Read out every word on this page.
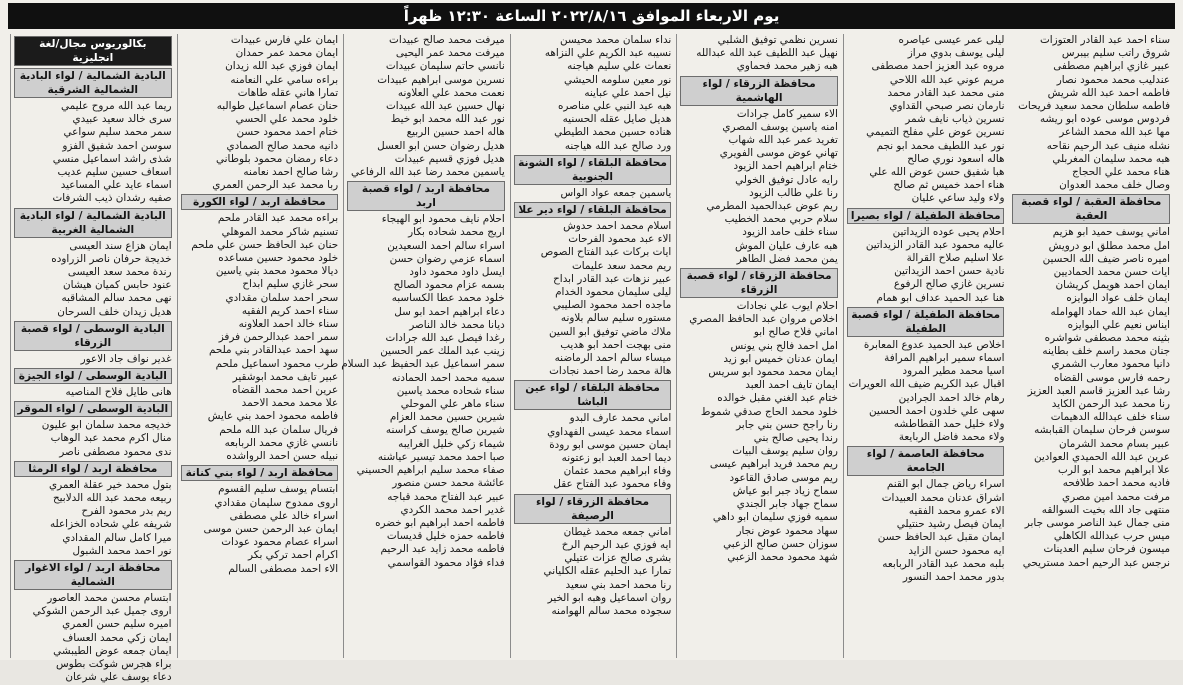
يوم الاربعاء الموافق ٢٠٢٢/٨/١٦ الساعة ١٢:٣٠ ظهراً
بكالوريوس مجال/لغة انجليزية
البادية الشمالية / لواء البادية الشمالية الشرقية
ريما عبد الله مروح عليمي
سرى خالد سعيد عبيدي
سمر محمد سليم سواعي
سوسن احمد شفيق الفزو
شذى راشد اسماعيل منسي
اسعاف حسين سليم عديب
اسماء عايد علي المساعيد
صفيه رشدان ذيب الشرفات
البادية الشمالية / لواء البادية الشمالية الغربية
ايمان هزاع سند العيسى
خديجة حرفان ناصر الزراوده
رندة محمد سعد العيسى
عنود حابس كميان هيشان
نهى محمد سالم المشاقبه
هديل زيدان خلف السرحان
البادية الوسطى / لواء قصبة الزرقاء
غدير نواف جاد الاعور
البادية الوسطى / لواء الجيزة
هانى طايل فلاح المناصيه
البادية الوسطى / لواء الموقر
خديجه محمد سلمان ابو عليون
منال اكرم محمد عبد الوهاب
ندى محمود مصطفى ناصر
محافظة اربد / لواء الرمثا
بتول محمد خير عقلة العمري
ربيعه محمد عبد الله الدلابيح
ريم بدر محمود الفرح
شريفه علي شحاده الخزاعله
ميرا كامل سالم المقدادي
نور احمد محمد الشبول
محافظة اربد / لواء الاغوار الشمالية
ابتسام محسن محمد العاصور
اروى جميل عبد الرحمن الشوكي
اميره سليم حسن العمري
ايمان زكي محمد العساف
ايمان جمعه عوض الطيبشي
براء هجرس شوكت بطوس
دعاء يوسف علي شرعان
ايمان علي فارس عبيدات
ايمان محمد عمر حمدان
ايمان فوزي عبد الله زيدان
براءه سامي علي النعامنه
تمارا هاني عقله طاهات
حنان عصام اسماعيل طوالبه
خلود محمد علي الحسي
ختام احمد محمود حسن
دانيه محمد صالح الصمادي
دعاء رمضان محمود بلوطاني
رشا صالح احمد نعامنه
ربا محمد عبد الرحمن العمري
محافظة اربد / لواء الكورة
براءه محمد عبد القادر ملحم
تسنيم شاكر محمد الموهلي
حنان عبد الحافظ حسن علي ملحم
خلود محمود حسين مساعده
ديالا محمود محمد بني ياسين
سحر غازي سليم ابداح
سحر احمد سلمان مقدادي
سناء احمد كريم الفقيه
سناء خالد احمد العلاونه
سمر احمد عبدالرحمن فرفز
سهد احمد عبدالقادر بني ملحم
طرب محمود اسماعيل ملحم
عبير تايف محمد ابوشقير
عرين احمد محمد القضاه
علا محمد محمد الاحمد
فاطمه محمود احمد بني عايش
فريال سلمان عبد الله ملحم
نانسي غازي محمد الربابعه
نبيله حسن احمد الرواشده
محافظة اربد / لواء بني كنانة
ابتسام يوسف سليم القسوم
اروى ممدوح سليمان مقدادي
اسراء خالد علي مصطفى
ايمان عبد الرحمن حسن موسى
اسراء عصام محمود عودات
اكرام احمد تركي بكر
الاء احمد مصطفى السالم
ميرفت محمد صالح عبيدات
ميرفت محمد عمر اليحيى
نانسي حاتم سليمان عبيدات
نسرين موسى ابراهيم عبيدات
نعمت محمد علي العلاونه
نهال حسين عبد الله عبيدات
نور عبد الله محمد ابو خيط
هاله احمد حسين الربيع
هديل رضوان حسن ابو العسل
هديل فوزي قسيم عبيدات
ياسمين محمد رضا عبد الله الرفاعي
محافظة اربد / لواء قصبة اربد
احلام نايف محمود ابو الهيجاء
اريج محمد شحاده بكار
اسراء سالم احمد السعيدين
اسماء عزمي رضوان حسن
ايسل داود محمود داود
بسمه عزام محمود الصالح
خلود محمد عطا الكساسبه
دعاء ابراهيم احمد ابو سل
ديانا محمد خالد الناصر
رغدا فيصل عبد الله جرادات
زينب عبد الملك عمر الحسين
سمر اسماعيل عبد الحفيظ عبد السلام
سميه محمد احمد الحمادنه
سناء شحاده محمد ياسين
سناء ماهر علي الموحلي
شيرين حسين محمد العزام
شيرين صالح يوسف كراسنه
شيماء زكي خليل الغرايبه
صبا احمد محمد تيسير عياشنه
صفاء محمد سليم ابراهيم الحسيني
عائشة محمد حسن منصور
عبير عبد الفتاح محمد قباجه
غدير احمد محمد الكردي
فاطمه احمد ابراهيم ابو خضره
فاطمه حمزه خليل قديسات
فاطمه محمد زايد عبد الرحيم
فداء فؤاد محمود القواسمي
نداء سلمان محمد محيسن
نسيبه عبد الكريم علي النزاهه
نعمات علي سليم هياجنه
نور معين سلومه الحيشي
نيل احمد علي عباينه
هبه عبد النبي علي مناصره
هديل صايل عقله الحسنيه
هناده حسين محمد الطيطي
ورد صالح عبد الله هياجنه
محافظة البلقاء / لواء الشونة الجنوبية
ياسمين جمعه عواد الواس
محافظة البلقاء / لواء دير علا
اسلام محمد احمد حدوش
الاء عبد محمود الفرحات
ايات بركات عبد الفتاح الصوص
ريم محمد سعد عليمات
عبير نزهات عبد القادر ابداح
ليلى سليمان محمود الخدام
ماجده احمد محمود الصليبي
مستوره سليم سالم بلاونه
ملاك ماضي توفيق ابو السين
منى بهجت احمد ابو هديب
ميساء سالم احمد الرماضنه
هالة محمد رضا احمد نجادات
محافظة البلقاء / لواء عين الباشا
اماني محمد عارف البدو
اسماء محمد عيسى الفهداوي
ايمان حسين موسى ابو رودة
ديما احمد العبد ابو زعتونه
وفاء ابراهيم محمد عثمان
وفاء محمود عبد الفتاح عقل
محافظة الزرقاء / لواء الرصيفة
اماني جمعه محمد غيطان
ايه فوزي عبد الرحيم الرخ
بشرى صالح عزات عتيلي
تمارا عبد الحليم عقله الكلياني
رنا محمد احمد بني سعيد
روان اسماعيل وهبه ابو الخير
سجوده محمد سالم الهوامنه
نسرين نظمي توفيق الشلبي
نهيل عبد اللطيف عبد الله عبدالله
هبه زهير محمد فحماوي
محافظة الزرقاء / لواء الهاشمية
الاء سمير كامل جرادات
امنه ياسين يوسف المصري
تغريد عمر عبد الله شهاب
تهاني عوض موسى الفويري
ختام ابراهيم احمد الزيود
رايه عادل توفيق الخولي
رنا علي طالب الزيود
ريم عوض عبدالحميد المطرمي
سلام حربي محمد الخطيب
سناء خلف حامد الزيود
هبه عارف عليان الموش
يمن محمد فضل الطاهر
محافظة الزرقاء / لواء قصبة الزرقاء
احلام ايوب علي نجادات
اخلاص مروان عبد الحافظ المصري
اماني فلاح صالح ابو
امل احمد فالح بني يونس
ايمان عدنان خميس ابو زيد
ايمان محمد محمود ابو سريس
ايمان تايف احمد العبد
ختام عبد الغني مقبل خوالده
خلود محمد الحاج صدقي شموط
رنا راجح حسن بني جابر
رندا يحيى صالح بني
روان سليم يوسف البيات
ريم محمد فريد ابراهيم عيسى
ريم موسى صادق القاعود
سماح زياد جبر ابو عياش
سماح جهاد جابر الجندي
سميه فوزي سليمان ابو داهي
سهاد محمود عوض نجار
سوزان حسن صالح الزعبي
شهد محمود محمد الزعبي
ليلى عمر عيسى عياصره
ليلى يوسف بدوي مراز
مروه عبد العزيز احمد مصطفى
مريم عوني عبد الله اللاحي
منى محمد عبد القادر محمد
نارمان نصر صبحي القداوي
نسرين ذياب نايف شمر
نسرين عوض علي مفلح التميمي
نور عبد اللطيف محمد ابو نجم
هاله اسعود نوري صالح
هبا شفيق حسن عوض الله علي
هناء احمد خميس ثم صالح
ولاء وليد ساعي عليان
محافظة الطفيلة / لواء بصيرا
احلام يحيى عوده الزيداتين
عاليه محمود عبد القادر الزيداتين
علا اسليم صلاح القرالة
نادية حسن احمد الزيداتين
نسرين غازي صالح الرفوع
هنا عبد الحميد عداف ابو همام
محافظة الطفيلة / لواء قصبة الطفيلة
اخلاص عبد الحميد عدوع المعابرة
اسماء سمير ابراهيم المرافة
اسيا محمد مطير المرود
اقبال عبد الكريم ضيف الله العويرات
رهام خالد احمد الجرادين
سهى علي خلدون احمد الحسين
ولاء خليل حمد القطاطشه
ولاء محمد فاضل الربايعة
محافظة العاصمة / لواء الجامعة
اسراء رياض جمال ابو القنم
اشراق عدنان محمد العبيدات
الاء عمرو محمد الفقيه
ايمان فيصل رشيد حنتيلي
ايمان مقبل عبد الحافظ حسن
ايه محمود حسن الزايد
بلبه محمد عبد القادر الربابعه
بدور محمد احمد النسور
سناء احمد عبد القادر العتوزات
شروق راتب سليم بيبرس
عبير غازي ابراهيم مصطفى
عندليب محمد محمود نصار
فاطمه احمد عبد الله شريش
فاطمه سلطان محمد سعيد فريحات
فردوس موسى عوده ابو ريشه
مها عبد الله محمد الشاعر
نشله منيف عبد الرحيم نقاحه
هبه محمد سليمان المغربلي
هناء محمد علي الحجاج
وصال خلف محمد العدوان
محافظة العقبة / لواء قصبة العقبة
اماني يوسف حميد ابو هزيم
امل محمد مطلق ابو درويش
اميره ناصر ضيف الله الحسين
ايات حسن محمد الحماديين
ايمان احمد هويمل كريشان
ايمان خلف عواد البوايزه
ايمان عبد الله حماد الهوامله
ايناس نعيم علي البوايزه
بثينه محمد مصطفى شواشره
جنان محمد راسم خلف بطاينه
دانيا محمود معارب الشمري
رحمه فارس موسى القضاه
رشا عبد العزيز قاسم العبد العزيز
رنا محمد عبد الرحمن الكايد
سناء خلف عبدالله الدهيمات
سوسن فرحان سليمان القبابشه
عبير بسام محمد الشرمان
عرين عبد الله الحميدي العوادين
علا ابراهيم محمد ابو الرب
فاديه محمد احمد طلافحه
مرفت محمد امين مصري
منتهى جاد الله بخيت السوالقه
منى جمال عبد الناصر موسى جابر
ميس حرب عبدالله الكاهلي
ميسون فرحان سليم العدينات
نرجس عبد الرحيم احمد مستريحي
